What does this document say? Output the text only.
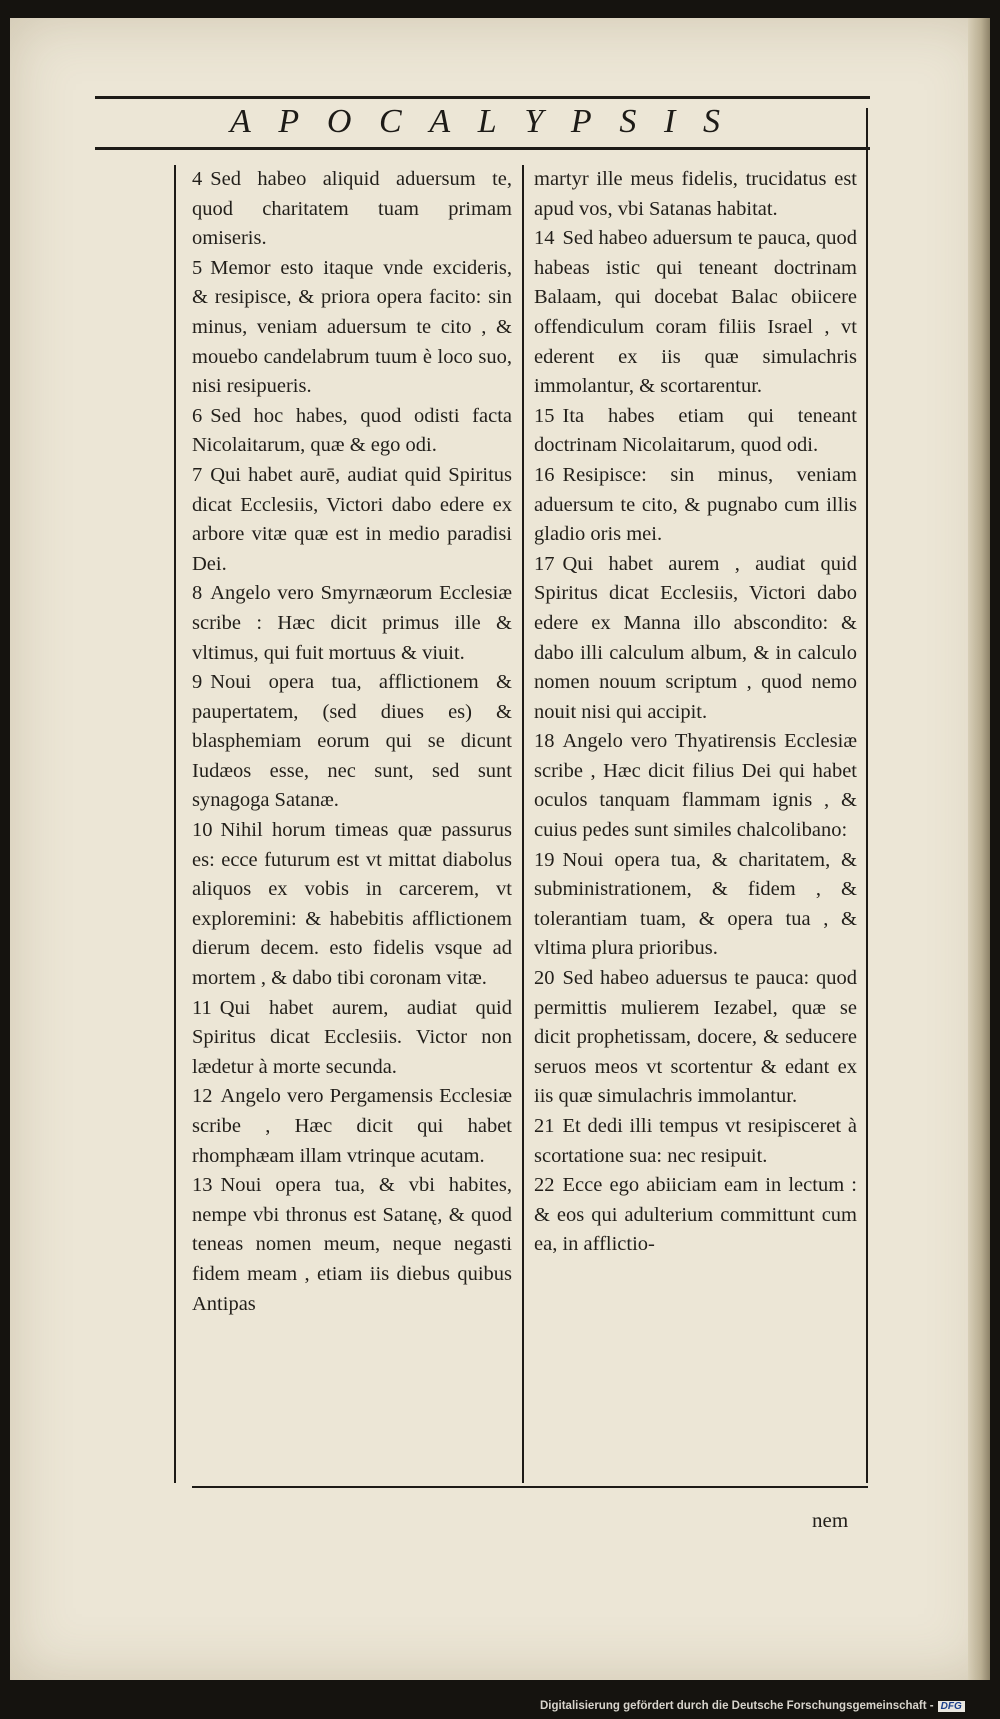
A P O C A L Y P S I S

4 Sed habeo aliquid aduersum te, quod charitatem tuam primam omiseris.

5 Memor esto itaque vnde excideris, & resipisce, & priora opera facito: sin minus, veniam aduersum te cito , & mouebo candelabrum tuum è loco suo, nisi resipueris.

6 Sed hoc habes, quod odisti facta Nicolaitarum, quæ & ego odi.

7 Qui habet aurē, audiat quid Spiritus dicat Ecclesiis, Victori dabo edere ex arbore vitæ quæ est in medio paradisi Dei.

8 Angelo vero Smyrnæorum Ecclesiæ scribe : Hæc dicit primus ille & vltimus, qui fuit mortuus & viuit.

9 Noui opera tua, afflictionem & paupertatem, (sed diues es) & blasphemiam eorum qui se dicunt Iudæos esse, nec sunt, sed sunt synagoga Satanæ.

10 Nihil horum timeas quæ passurus es: ecce futurum est vt mittat diabolus aliquos ex vobis in carcerem, vt exploremini: & habebitis afflictionem dierum decem. esto fidelis vsque ad mortem , & dabo tibi coronam vitæ.

11 Qui habet aurem, audiat quid Spiritus dicat Ecclesiis. Victor non lædetur à morte secunda.

12 Angelo vero Pergamensis Ecclesiæ scribe , Hæc dicit qui habet rhomphæam illam vtrinque acutam.

13 Noui opera tua, & vbi habites, nempe vbi thronus est Satanę, & quod teneas nomen meum, neque negasti fidem meam , etiam iis diebus quibus Antipas

martyr ille meus fidelis, trucidatus est apud vos, vbi Satanas habitat.

14 Sed habeo aduersum te pauca, quod habeas istic qui teneant doctrinam Balaam, qui docebat Balac obiicere offendiculum coram filiis Israel , vt ederent ex iis quæ simulachris immolantur, & scortarentur.

15 Ita habes etiam qui teneant doctrinam Nicolaitarum, quod odi.

16 Resipisce: sin minus, veniam aduersum te cito, & pugnabo cum illis gladio oris mei.

17 Qui habet aurem , audiat quid Spiritus dicat Ecclesiis, Victori dabo edere ex Manna illo abscondito: & dabo illi calculum album, & in calculo nomen nouum scriptum , quod nemo nouit nisi qui accipit.

18 Angelo vero Thyatirensis Ecclesiæ scribe , Hæc dicit filius Dei qui habet oculos tanquam flammam ignis , & cuius pedes sunt similes chalcolibano:

19 Noui opera tua, & charitatem, & subministrationem, & fidem , & tolerantiam tuam, & opera tua , & vltima plura prioribus.

20 Sed habeo aduersus te pauca: quod permittis mulierem Iezabel, quæ se dicit prophetissam, docere, & seducere seruos meos vt scortentur & edant ex iis quæ simulachris immolantur.

21 Et dedi illi tempus vt resipisceret à scortatione sua: nec resipuit.

22 Ecce ego abiiciam eam in lectum : & eos qui adulterium committunt cum ea, in afflictio-

nem
Digitalisierung gefördert durch die Deutsche Forschungsgemeinschaft - DFG
